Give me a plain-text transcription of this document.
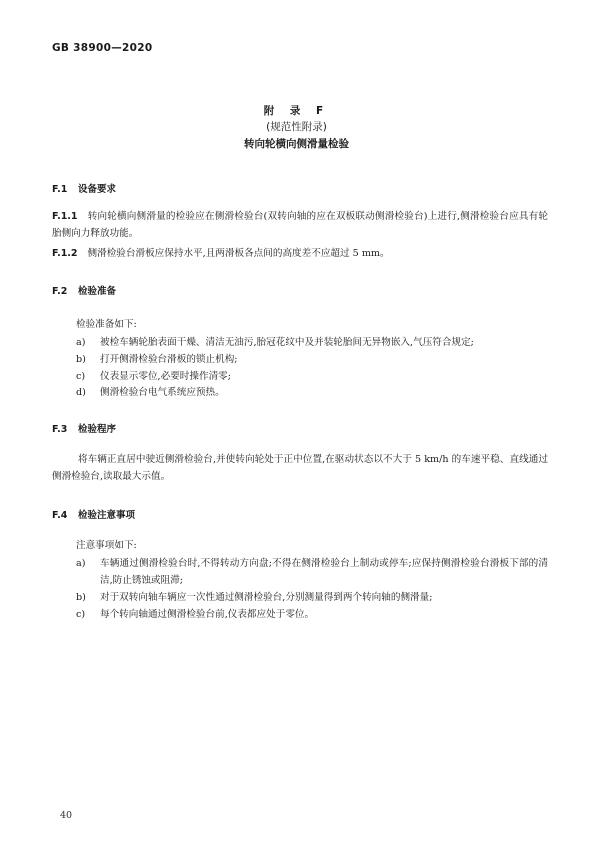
GB 38900—2020
附 录 F
(规范性附录)
转向轮横向侧滑量检验
F.1 设备要求
F.1.1 转向轮横向侧滑量的检验应在侧滑检验台(双转向轴的应在双板联动侧滑检验台)上进行,侧滑检验台应具有轮胎侧向力释放功能。
F.1.2 侧滑检验台滑板应保持水平,且两滑板各点间的高度差不应超过 5 mm。
F.2 检验准备
检验准备如下:
a) 被检车辆轮胎表面干燥、清洁无油污,胎冠花纹中及并装轮胎间无异物嵌入,气压符合规定;
b) 打开侧滑检验台滑板的锁止机构;
c) 仪表显示零位,必要时操作清零;
d) 侧滑检验台电气系统应预热。
F.3 检验程序
将车辆正直居中驶近侧滑检验台,并使转向轮处于正中位置,在驱动状态以不大于 5 km/h 的车速平稳、直线通过侧滑检验台,读取最大示值。
F.4 检验注意事项
注意事项如下:
a) 车辆通过侧滑检验台时,不得转动方向盘;不得在侧滑检验台上制动或停车;应保持侧滑检验台滑板下部的清洁,防止锈蚀或阻滞;
b) 对于双转向轴车辆应一次性通过侧滑检验台,分别测量得到两个转向轴的侧滑量;
c) 每个转向轴通过侧滑检验台前,仪表都应处于零位。
40
